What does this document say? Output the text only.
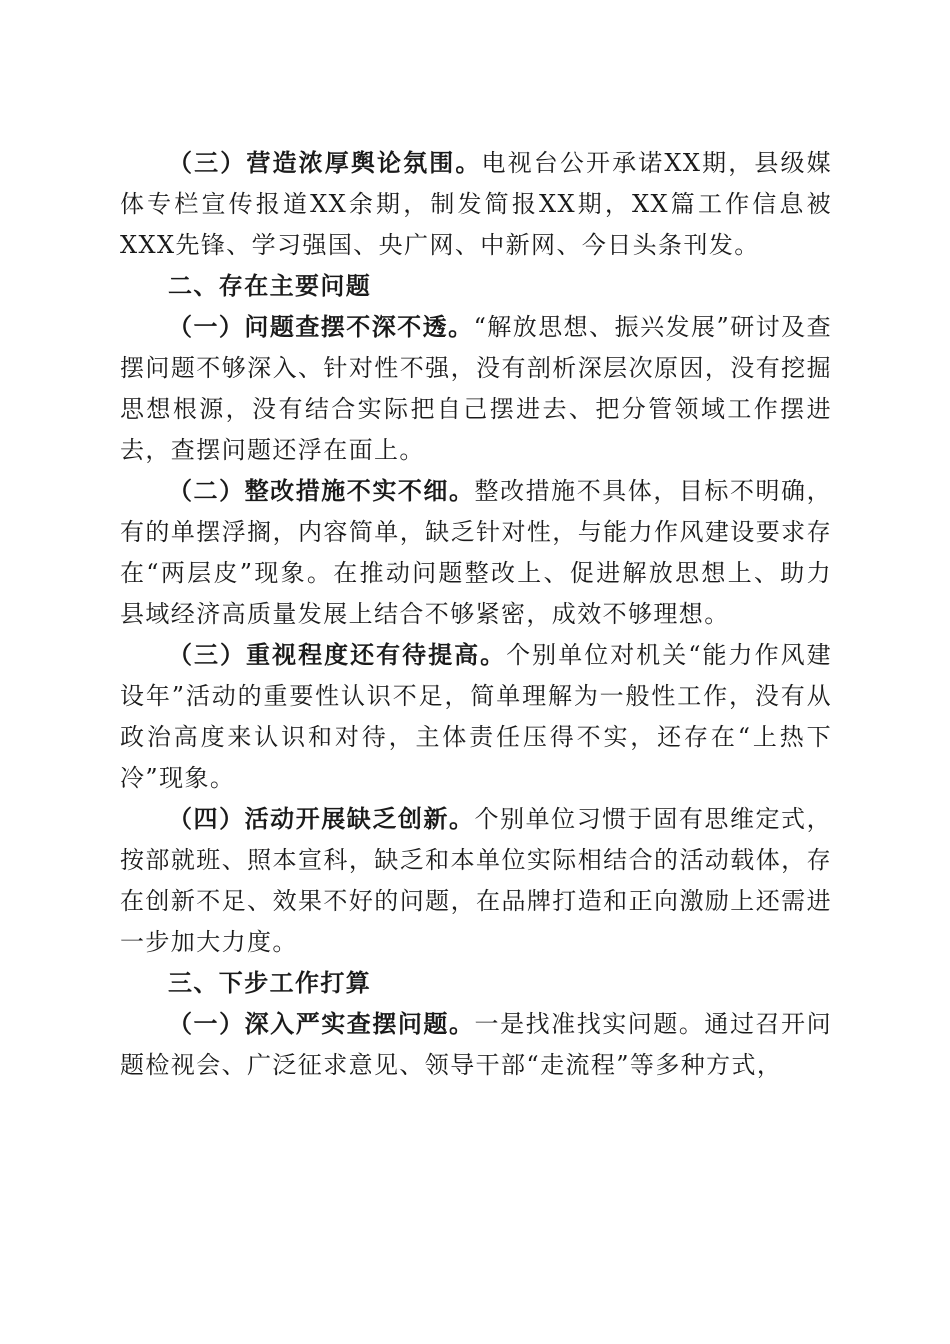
（三）营造浓厚舆论氛围。电视台公开承诺XX期，县级媒体专栏宣传报道XX余期，制发简报XX期，XX篇工作信息被XXX先锋、学习强国、央广网、中新网、今日头条刊发。

二、存在主要问题

（一）问题查摆不深不透。“解放思想、振兴发展”研讨及查摆问题不够深入、针对性不强，没有剖析深层次原因，没有挖掘思想根源，没有结合实际把自己摆进去、把分管领域工作摆进去，查摆问题还浮在面上。

（二）整改措施不实不细。整改措施不具体，目标不明确，有的单摆浮搁，内容简单，缺乏针对性，与能力作风建设要求存在“两层皮”现象。在推动问题整改上、促进解放思想上、助力县域经济高质量发展上结合不够紧密，成效不够理想。

（三）重视程度还有待提高。个别单位对机关“能力作风建设年”活动的重要性认识不足，简单理解为一般性工作，没有从政治高度来认识和对待，主体责任压得不实，还存在“上热下冷”现象。

（四）活动开展缺乏创新。个别单位习惯于固有思维定式，按部就班、照本宣科，缺乏和本单位实际相结合的活动载体，存在创新不足、效果不好的问题，在品牌打造和正向激励上还需进一步加大力度。

三、下步工作打算

（一）深入严实查摆问题。一是找准找实问题。通过召开问题检视会、广泛征求意见、领导干部“走流程”等多种方式，
